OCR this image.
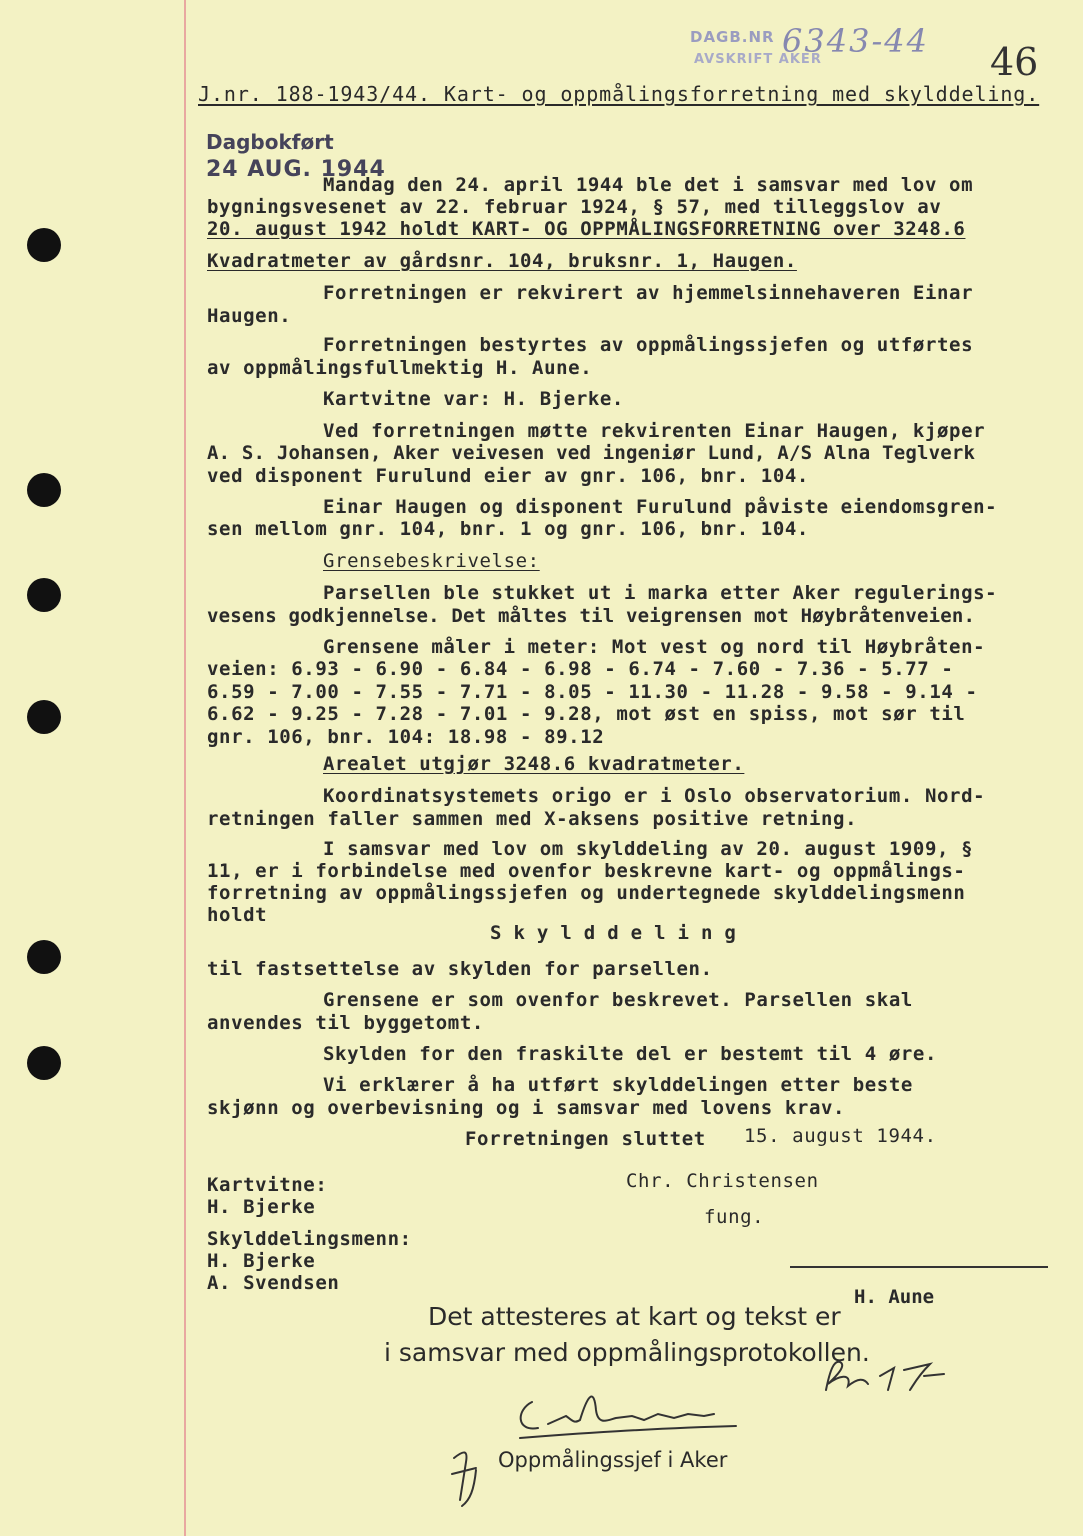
DAGB.NR
AVSKRIFT AKER
6343-44 46
J.nr. 188-1943/44. Kart- og oppmålingsforretning med skylddeling.
Dagbokført
24 AUG. 1944
Mandag den 24. april 1944 ble det i samsvar med lov om
bygningsvesenet av 22. februar 1924, § 57, med tilleggslov av
20. august 1942 holdt KART- OG OPPMÅLINGSFORRETNING over 3248.6
Kvadratmeter av gårdsnr. 104, bruksnr. 1, Haugen.
Forretningen er rekvirert av hjemmelsinnehaveren Einar
Haugen.
Forretningen bestyrtes av oppmålingssjefen og utførtes
av oppmålingsfullmektig H. Aune.
Kartvitne var: H. Bjerke.
Ved forretningen møtte rekvirenten Einar Haugen, kjøper
A. S. Johansen, Aker veivesen ved ingeniør Lund, A/S Alna Teglverk
ved disponent Furulund eier av gnr. 106, bnr. 104.
Einar Haugen og disponent Furulund påviste eiendomsgren-
sen mellom gnr. 104, bnr. 1 og gnr. 106, bnr. 104.
Grensebeskrivelse:
Parsellen ble stukket ut i marka etter Aker regulerings-
vesens godkjennelse. Det måltes til veigrensen mot Høybråtenveien.
Grensene måler i meter: Mot vest og nord til Høybråten-
veien: 6.93 - 6.90 - 6.84 - 6.98 - 6.74 - 7.60 - 7.36 - 5.77 -
6.59 - 7.00 - 7.55 - 7.71 - 8.05 - 11.30 - 11.28 - 9.58 - 9.14 -
6.62 - 9.25 - 7.28 - 7.01 - 9.28, mot øst en spiss, mot sør til
gnr. 106, bnr. 104: 18.98 - 89.12
Arealet utgjør 3248.6 kvadratmeter.
Koordinatsystemets origo er i Oslo observatorium. Nord-
retningen faller sammen med X-aksens positive retning.
I samsvar med lov om skylddeling av 20. august 1909, §
11, er i forbindelse med ovenfor beskrevne kart- og oppmålings-
forretning av oppmålingssjefen og undertegnede skylddelingsmenn
holdt
Skylddeling
til fastsettelse av skylden for parsellen.
Grensene er som ovenfor beskrevet. Parsellen skal
anvendes til byggetomt.
Skylden for den fraskilte del er bestemt til 4 øre.
Vi erklærer å ha utført skylddelingen etter beste
skjønn og overbevisning og i samsvar med lovens krav.
Forretningen sluttet 15. august 1944.
Kartvitne:
H. Bjerke
Skylddelingsmenn:
H. Bjerke
A. Svendsen
Chr. Christensen
fung.
H. Aune
Det attesteres at kart og tekst er
i samsvar med oppmålingsprotokollen.
Oppmålingssjef i Aker
